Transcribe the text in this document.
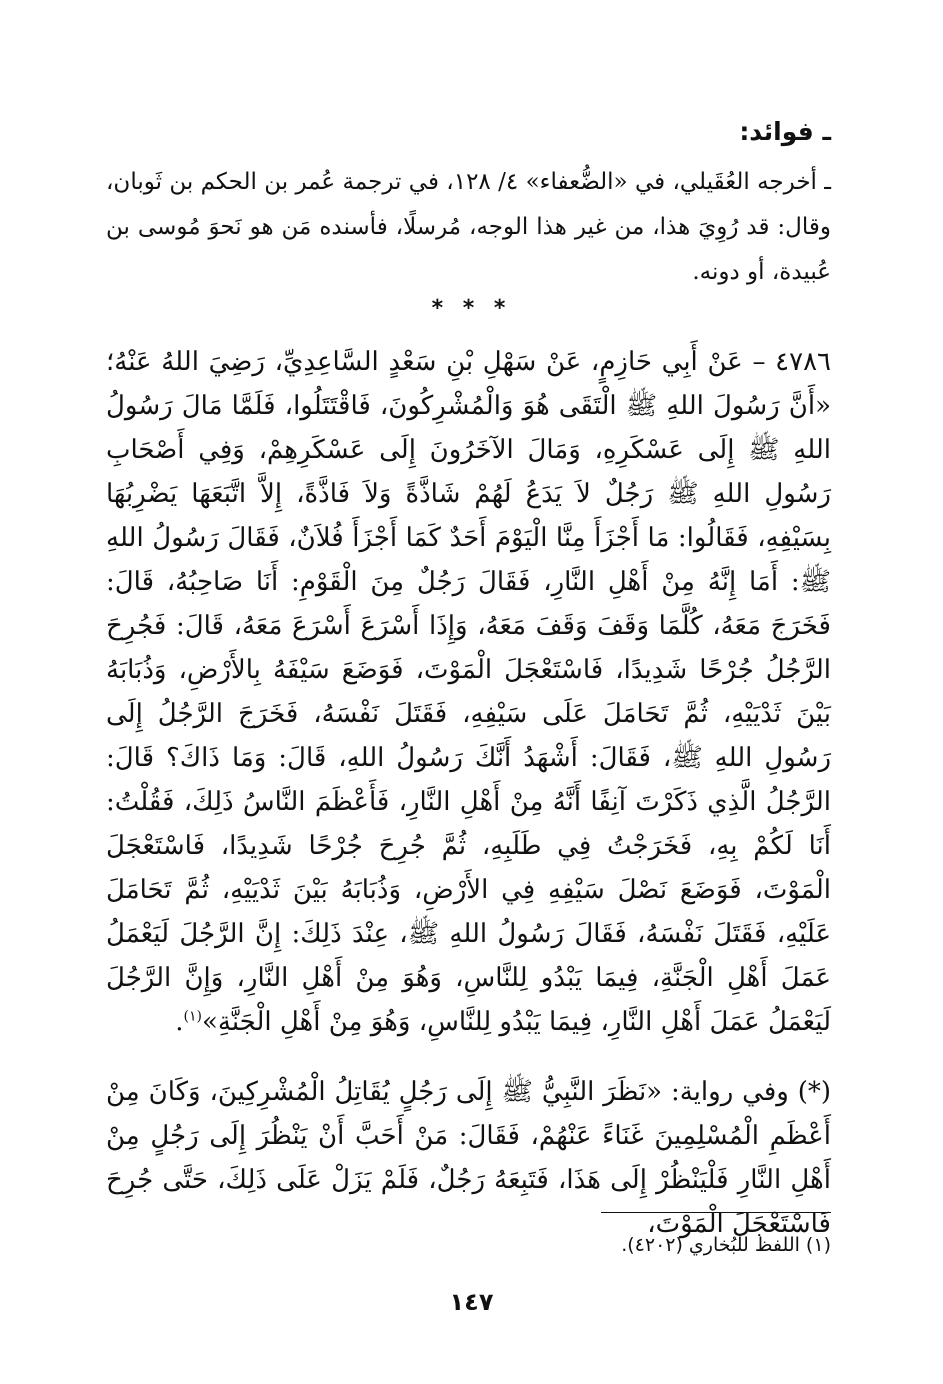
ـ فوائد:

ـ أخرجه العُقَيلي، في «الضُّعفاء» ٤/ ١٢٨، في ترجمة عُمر بن الحكم بن ثَوبان، وقال: قد رُوِيَ هذا، من غير هذا الوجه، مُرسلًا، فأسنده مَن هو نَحوَ مُوسى بن عُبيدة، أو دونه.

* * *

٤٧٨٦ – عَنْ أَبِي حَازِمٍ، عَنْ سَهْلِ بْنِ سَعْدٍ السَّاعِدِيِّ، رَضِيَ اللهُ عَنْهُ؛ «أَنَّ رَسُولَ اللهِ ﷺ الْتَقَى هُوَ وَالْمُشْرِكُونَ، فَاقْتَتَلُوا، فَلَمَّا مَالَ رَسُولُ اللهِ ﷺ إِلَى عَسْكَرِهِ، وَمَالَ الآخَرُونَ إِلَى عَسْكَرِهِمْ، وَفِي أَصْحَابِ رَسُولِ اللهِ ﷺ رَجُلٌ لاَ يَدَعُ لَهُمْ شَاذَّةً وَلاَ فَاذَّةً، إِلاَّ اتَّبَعَهَا يَضْرِبُهَا بِسَيْفِهِ، فَقَالُوا: مَا أَجْزَأَ مِنَّا الْيَوْمَ أَحَدٌ كَمَا أَجْزَأَ فُلاَنٌ، فَقَالَ رَسُولُ اللهِ ﷺ: أَمَا إِنَّهُ مِنْ أَهْلِ النَّارِ، فَقَالَ رَجُلٌ مِنَ الْقَوْمِ: أَنَا صَاحِبُهُ، قَالَ: فَخَرَجَ مَعَهُ، كُلَّمَا وَقَفَ وَقَفَ مَعَهُ، وَإِذَا أَسْرَعَ أَسْرَعَ مَعَهُ، قَالَ: فَجُرِحَ الرَّجُلُ جُرْحًا شَدِيدًا، فَاسْتَعْجَلَ الْمَوْتَ، فَوَضَعَ سَيْفَهُ بِالأَرْضِ، وَذُبَابَهُ بَيْنَ ثَدْيَيْهِ، ثُمَّ تَحَامَلَ عَلَى سَيْفِهِ، فَقَتَلَ نَفْسَهُ، فَخَرَجَ الرَّجُلُ إِلَى رَسُولِ اللهِ ﷺ، فَقَالَ: أَشْهَدُ أَنَّكَ رَسُولُ اللهِ، قَالَ: وَمَا ذَاكَ؟ قَالَ: الرَّجُلُ الَّذِي ذَكَرْتَ آنِفًا أَنَّهُ مِنْ أَهْلِ النَّارِ، فَأَعْظَمَ النَّاسُ ذَلِكَ، فَقُلْتُ: أَنَا لَكُمْ بِهِ، فَخَرَجْتُ فِي طَلَبِهِ، ثُمَّ جُرِحَ جُرْحًا شَدِيدًا، فَاسْتَعْجَلَ الْمَوْتَ، فَوَضَعَ نَصْلَ سَيْفِهِ فِي الأَرْضِ، وَذُبَابَهُ بَيْنَ ثَدْيَيْهِ، ثُمَّ تَحَامَلَ عَلَيْهِ، فَقَتَلَ نَفْسَهُ، فَقَالَ رَسُولُ اللهِ ﷺ، عِنْدَ ذَلِكَ: إِنَّ الرَّجُلَ لَيَعْمَلُ عَمَلَ أَهْلِ الْجَنَّةِ، فِيمَا يَبْدُو لِلنَّاسِ، وَهُوَ مِنْ أَهْلِ النَّارِ، وَإِنَّ الرَّجُلَ لَيَعْمَلُ عَمَلَ أَهْلِ النَّارِ، فِيمَا يَبْدُو لِلنَّاسِ، وَهُوَ مِنْ أَهْلِ الْجَنَّةِ»$^{(١)}$.

(*) وفي رواية: «نَظَرَ النَّبِيُّ ﷺ إِلَى رَجُلٍ يُقَاتِلُ الْمُشْرِكِينَ، وَكَانَ مِنْ أَعْظَمِ الْمُسْلِمِينَ غَنَاءً عَنْهُمْ، فَقَالَ: مَنْ أَحَبَّ أَنْ يَنْظُرَ إِلَى رَجُلٍ مِنْ أَهْلِ النَّارِ فَلْيَنْظُرْ إِلَى هَذَا، فَتَبِعَهُ رَجُلٌ، فَلَمْ يَزَلْ عَلَى ذَلِكَ، حَتَّى جُرِحَ فَاسْتَعْجَلَ الْمَوْتَ،

(١) اللفظ للبُخاري (٤٢٠٢).
١٤٧
